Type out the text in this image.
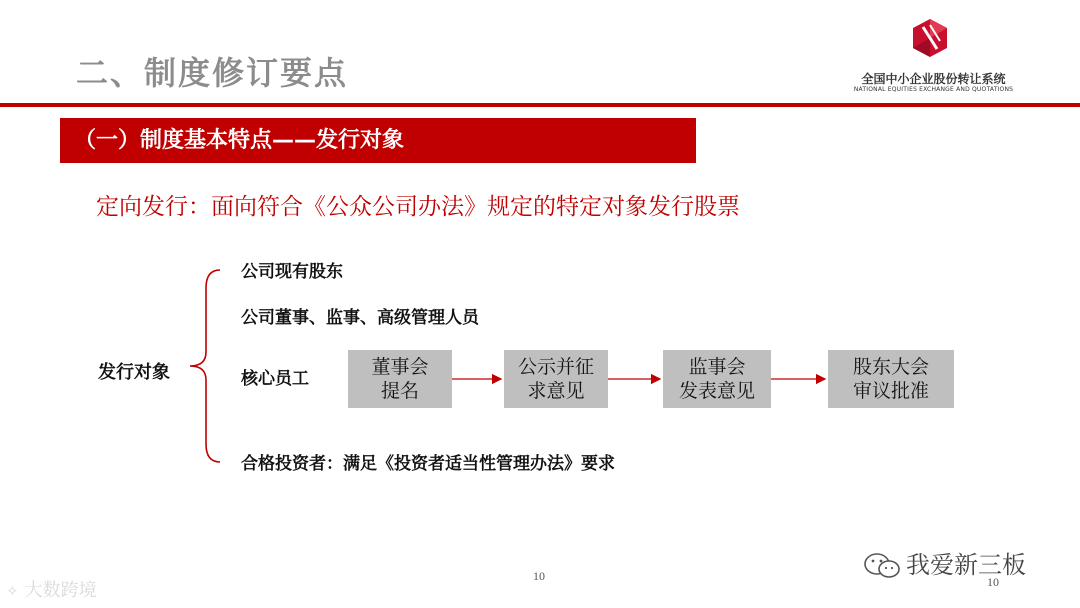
二、制度修订要点	全国中小企业股份转让系统
NATIONAL EQUITIES EXCHANGE AND QUOTATIONS
（一）制度基本特点——发行对象
定向发行：面向符合《公众公司办法》规定的特定对象发行股票
发行对象
公司现有股东
公司董事、监事、高级管理人员
核心员工
合格投资者：满足《投资者适当性管理办法》要求
董事会
提名
公示并征
求意见
监事会
发表意见
股东大会
审议批准
10	10
我爱新三板
✧ 大数跨境
